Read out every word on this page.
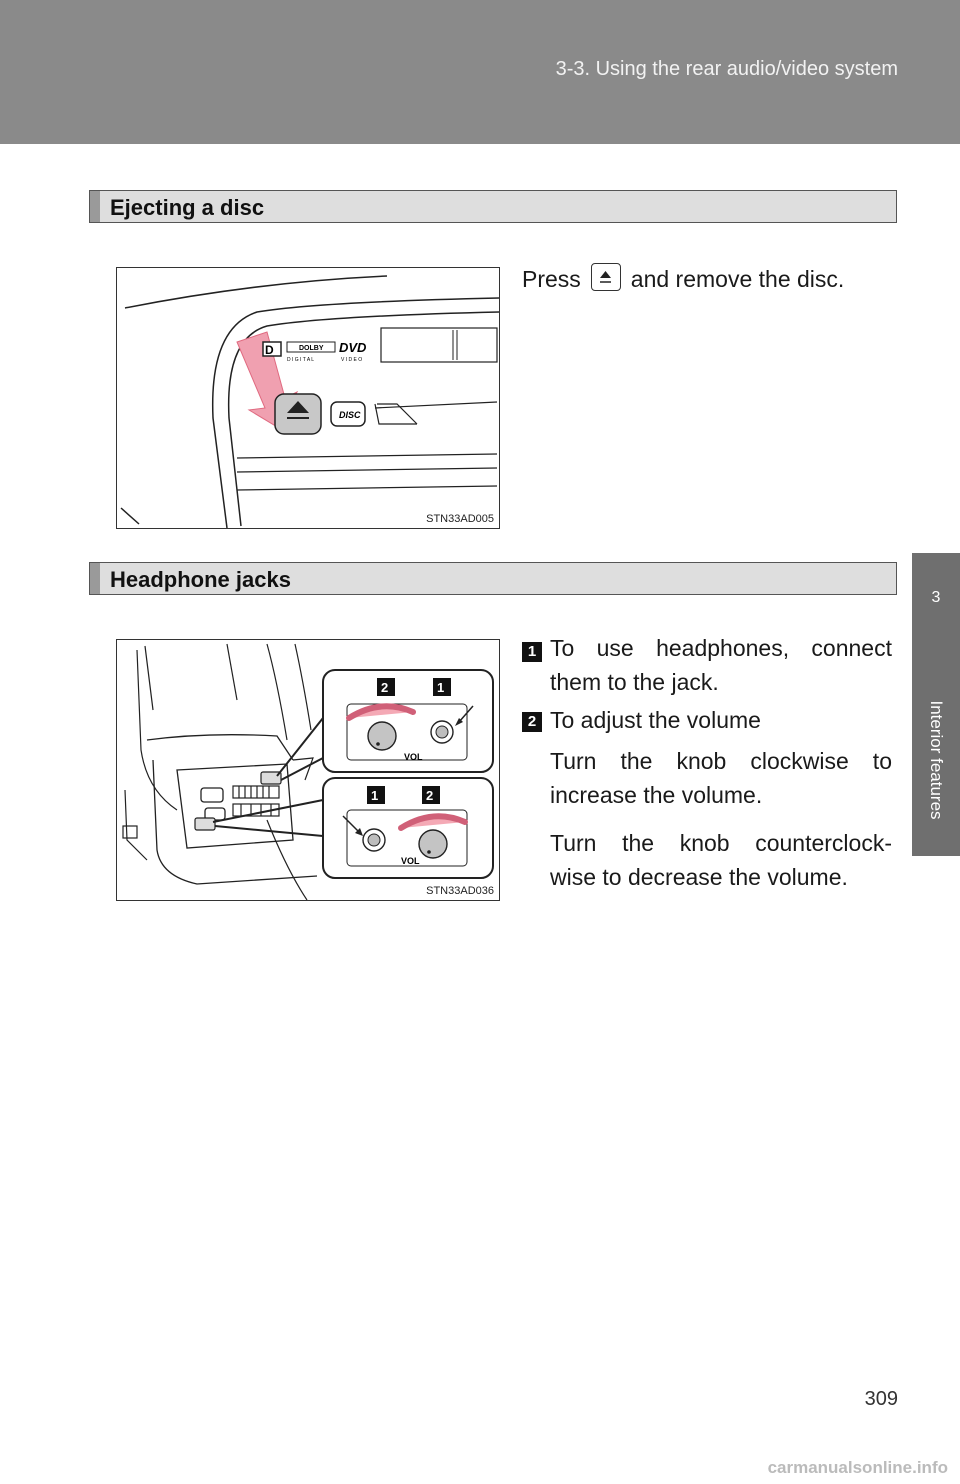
3-3. Using the rear audio/video system
3
Interior features
Ejecting a disc
DISC
D	DOLBY
D I G I T A L
DVD
V I D E O
STN33AD005
Press and remove the disc.
Headphone jacks
VOL
VOL
2	1
1	2
STN33AD036
1 To use headphones, connect
them to the jack.
2 To adjust the volume
Turn the knob clockwise to
increase the volume.
Turn the knob counterclock-
wise to decrease the volume.
309
carmanualsonline.info
